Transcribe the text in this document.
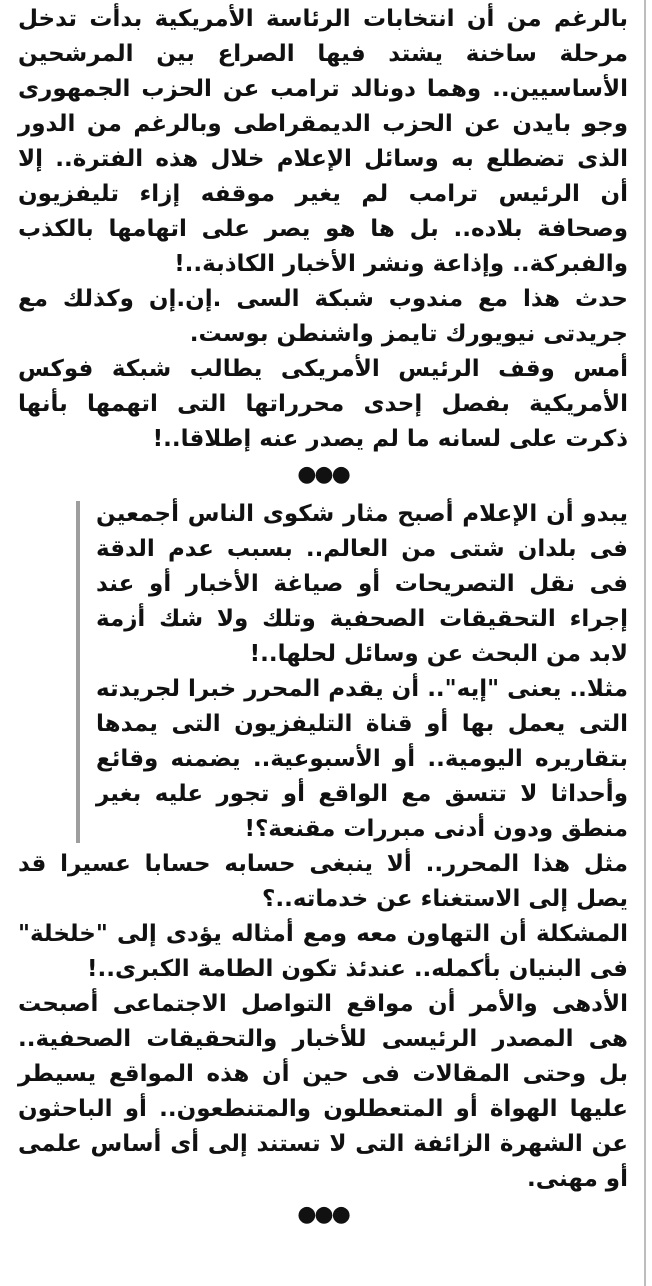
بالرغم من أن انتخابات الرئاسة الأمريكية بدأت تدخل مرحلة ساخنة يشتد فيها الصراع بين المرشحين الأساسيين.. وهما دونالد ترامب عن الحزب الجمهورى وجو بايدن عن الحزب الديمقراطى وبالرغم من الدور الذى تضطلع به وسائل الإعلام خلال هذه الفترة.. إلا أن الرئيس ترامب لم يغير موقفه إزاء تليفزيون وصحافة بلاده.. بل ها هو يصر على اتهامها بالكذب والفبركة.. وإذاعة ونشر الأخبار الكاذبة..!

حدث هذا مع مندوب شبكة السى .إن.إن وكذلك مع جريدتى نيويورك تايمز واشنطن بوست.

أمس وقف الرئيس الأمريكى يطالب شبكة فوكس الأمريكية بفصل إحدى محرراتها التى اتهمها بأنها ذكرت على لسانه ما لم يصدر عنه إطلاقا..!

●●●

يبدو أن الإعلام أصبح مثار شكوى الناس أجمعين فى بلدان شتى من العالم.. بسبب عدم الدقة فى نقل التصريحات أو صياغة الأخبار أو عند إجراء التحقيقات الصحفية وتلك ولا شك أزمة لابد من البحث عن وسائل لحلها..!

مثلا.. يعنى "إيه".. أن يقدم المحرر خبرا لجريدته التى يعمل بها أو قناة التليفزيون التى يمدها بتقاريره اليومية.. أو الأسبوعية.. يضمنه وقائع وأحداثا لا تتسق مع الواقع أو تجور عليه بغير منطق ودون أدنى مبررات مقنعة؟!

مثل هذا المحرر.. ألا ينبغى حسابه حسابا عسيرا قد يصل إلى الاستغناء عن خدماته..؟

المشكلة أن التهاون معه ومع أمثاله يؤدى إلى "خلخلة" فى البنيان بأكمله.. عندئذ تكون الطامة الكبرى..!

الأدهى والأمر أن مواقع التواصل الاجتماعى أصبحت هى المصدر الرئيسى للأخبار والتحقيقات الصحفية.. بل وحتى المقالات فى حين أن هذه المواقع يسيطر عليها الهواة أو المتعطلون والمتنطعون.. أو الباحثون عن الشهرة الزائفة التى لا تستند إلى أى أساس علمى أو مهنى.

●●●
